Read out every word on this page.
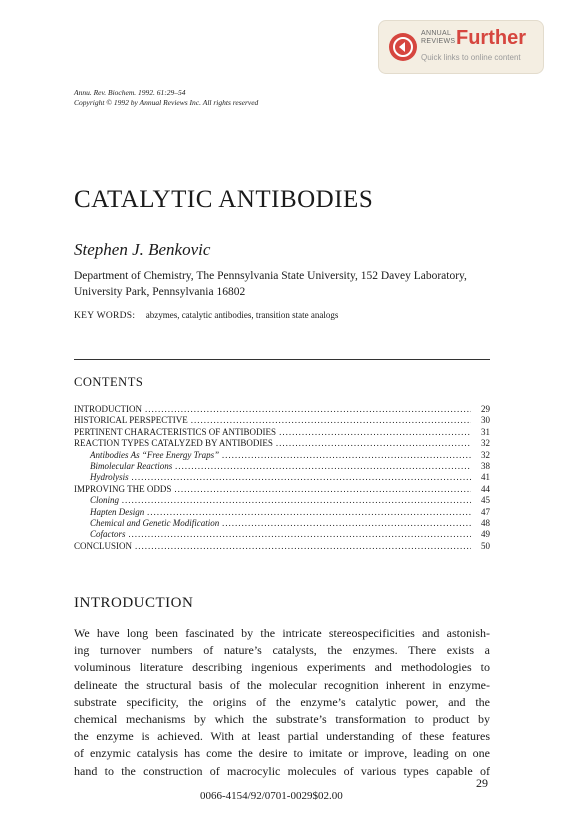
ANNUAL
REVIEWS Further
Quick links to online content
Annu. Rev. Biochem. 1992. 61:29–54
Copyright © 1992 by Annual Reviews Inc. All rights reserved
CATALYTIC ANTIBODIES
Stephen J. Benkovic
Department of Chemistry, The Pennsylvania State University, 152 Davey Laboratory, University Park, Pennsylvania 16802
KEY WORDS: abzymes, catalytic antibodies, transition state analogs
CONTENTS
INTRODUCTION .....	29
HISTORICAL PERSPECTIVE .....	30
PERTINENT CHARACTERISTICS OF ANTIBODIES .....	31
REACTION TYPES CATALYZED BY ANTIBODIES .....	32
Antibodies As “Free Energy Traps” .....	32
Bimolecular Reactions .....	38
Hydrolysis .....	41
IMPROVING THE ODDS .....	44
Cloning .....	45
Hapten Design .....	47
Chemical and Genetic Modification .....	48
Cofactors .....	49
CONCLUSION .....	50
INTRODUCTION
We have long been fascinated by the intricate stereospecificities and astonish-
ing turnover numbers of nature’s catalysts, the enzymes. There exists a
voluminous literature describing ingenious experiments and methodologies to
delineate the structural basis of the molecular recognition inherent in enzyme-
substrate specificity, the origins of the enzyme’s catalytic power, and the
chemical mechanisms by which the substrate’s transformation to product by
the enzyme is achieved. With at least partial understanding of these features
of enzymic catalysis has come the desire to imitate or improve, leading on one
hand to the construction of macrocylic molecules of various types capable of
29
0066-4154/92/0701-0029$02.00
